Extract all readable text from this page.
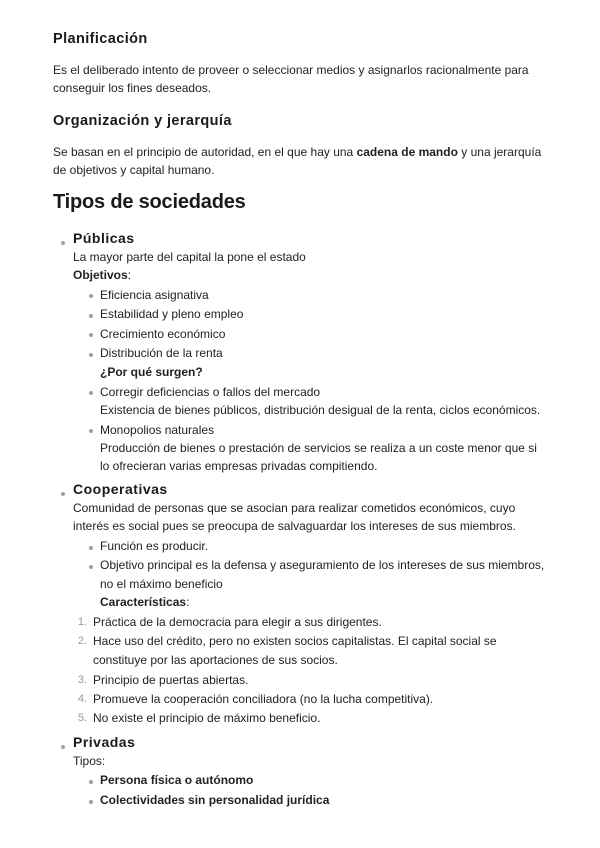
Planificación
Es el deliberado intento de proveer o seleccionar medios y asignarlos racionalmente para conseguir los fines deseados.
Organización y jerarquía
Se basan en el principio de autoridad, en el que hay una cadena de mando y una jerarquía de objetivos y capital humano.
Tipos de sociedades
Públicas
La mayor parte del capital la pone el estado
Objetivos:
Eficiencia asignativa
Estabilidad y pleno empleo
Crecimiento económico
Distribución de la renta
¿Por qué surgen?
Corregir deficiencias o fallos del mercado
Existencia de bienes públicos, distribución desigual de la renta, ciclos económicos.
Monopolios naturales
Producción de bienes o prestación de servicios se realiza a un coste menor que si
lo ofrecieran varias empresas privadas compitiendo.
Cooperativas
Comunidad de personas que se asocian para realizar cometidos económicos, cuyo
interés es social pues se preocupa de salvaguardar los intereses de sus miembros.
Función es producir.
Objetivo principal es la defensa y aseguramiento de los intereses de sus miembros,
no el máximo beneficio
Características:
1. Práctica de la democracia para elegir a sus dirigentes.
2. Hace uso del crédito, pero no existen socios capitalistas. El capital social se
constituye por las aportaciones de sus socios.
3. Principio de puertas abiertas.
4. Promueve la cooperación conciliadora (no la lucha competitiva).
5. No existe el principio de máximo beneficio.
Privadas
Tipos:
Persona física o autónomo
Colectividades sin personalidad jurídica
